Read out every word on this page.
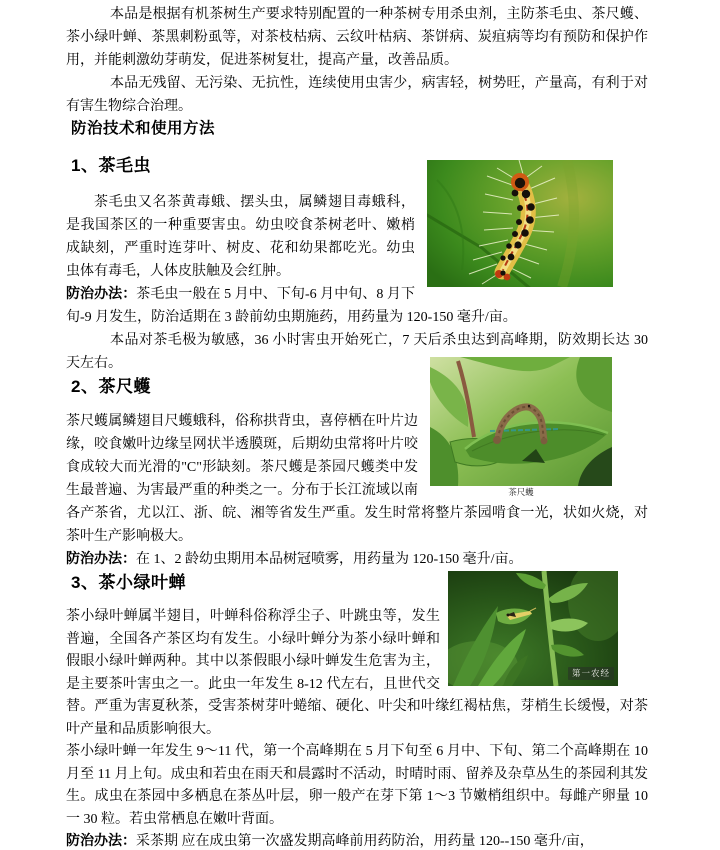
本品是根据有机茶树生产要求特别配置的一种茶树专用杀虫剂，主防茶毛虫、茶尺蠖、茶小绿叶蝉、茶黑刺粉虱等，对茶枝枯病、云纹叶枯病、茶饼病、炭疽病等均有预防和保护作用，并能刺激幼芽萌发，促进茶树复壮，提高产量，改善品质。

本品无残留、无污染、无抗性，连续使用虫害少，病害轻，树势旺，产量高，有利于对有害生物综合治理。

防治技术和使用方法
1、茶毛虫

茶毛虫又名茶黄毒蛾、摆头虫，属鳞翅目毒蛾科，是我国茶区的一种重要害虫。幼虫咬食茶树老叶、嫩梢成缺刻，严重时连芽叶、树皮、花和幼果都吃光。幼虫虫体有毒毛，人体皮肤触及会红肿。

防治办法：茶毛虫一般在 5 月中、下旬-6 月中旬、8 月下旬-9 月发生，防治适期在 3 龄前幼虫期施药，用药量为 120-150 毫升/亩。

本品对茶毛极为敏感，36 小时害虫开始死亡，7 天后杀虫达到高峰期，防效期长达 30 天左右。

茶尺蠖
2、茶尺蠖

茶尺蠖属鳞翅目尺蠖蛾科，俗称拱背虫，喜停栖在叶片边缘，咬食嫩叶边缘呈网状半透膜斑，后期幼虫常将叶片咬食成较大而光滑的"C"形缺刻。茶尺蠖是茶园尺蠖类中发生最普遍、为害最严重的种类之一。分布于长江流域以南各产茶省，尤以江、浙、皖、湘等省发生严重。发生时常将整片茶园啃食一光，状如火烧，对茶叶生产影响极大。

防治办法：在 1、2 龄幼虫期用本品树冠喷雾，用药量为 120-150 毫升/亩。

第一农经
3、茶小绿叶蝉

茶小绿叶蝉属半翅目，叶蝉科俗称浮尘子、叶跳虫等，发生普遍，全国各产茶区均有发生。小绿叶蝉分为茶小绿叶蝉和假眼小绿叶蝉两种。其中以茶假眼小绿叶蝉发生危害为主，是主要茶叶害虫之一。此虫一年发生 8-12 代左右，且世代交替。严重为害夏秋茶，受害茶树芽叶蜷缩、硬化、叶尖和叶缘红褐枯焦，芽梢生长缓慢，对茶叶产量和品质影响很大。

茶小绿叶蝉一年发生 9～11 代，第一个高峰期在 5 月下旬至 6 月中、下旬、第二个高峰期在 10 月至 11 月上旬。成虫和若虫在雨天和晨露时不活动，时晴时雨、留养及杂草丛生的茶园利其发生。成虫在茶园中多栖息在茶丛叶层，卵一般产在芽下第 1～3 节嫩梢组织中。每雌产卵量 10 一 30 粒。若虫常栖息在嫩叶背面。

防治办法：采茶期 应在成虫第一次盛发期高峰前用药防治，用药量 120--150 毫升/亩，
